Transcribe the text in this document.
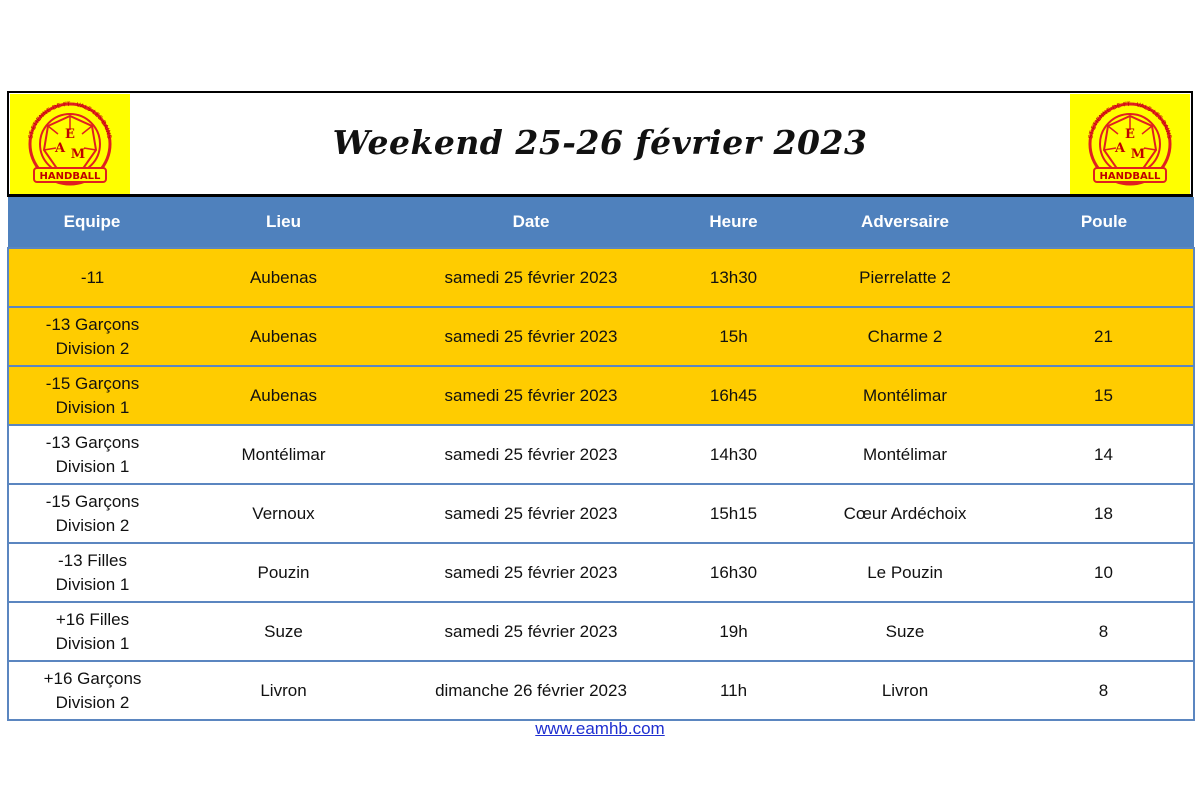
E
A M
HANDBALL
ST-ETIENNE-DE-FT · VALS-LES-BAINS	Weekend 25-26 février 2023	E
A M
HANDBALL
ST-ETIENNE-DE-FT · VALS-LES-BAINS
Equipe	Lieu	Date	Heure	Adversaire	Poule

-11	Aubenas	samedi 25 février 2023	13h30	Pierrelatte 2	

-13 Garçons
Division 2	Aubenas	samedi 25 février 2023	15h	Charme 2	21

-15 Garçons
Division 1	Aubenas	samedi 25 février 2023	16h45	Montélimar	15

-13 Garçons
Division 1	Montélimar	samedi 25 février 2023	14h30	Montélimar	14

-15 Garçons
Division 2	Vernoux	samedi 25 février 2023	15h15	Cœur Ardéchoix	18

-13 Filles
Division 1	Pouzin	samedi 25 février 2023	16h30	Le Pouzin	10

+16 Filles
Division 1	Suze	samedi 25 février 2023	19h	Suze	8

+16 Garçons
Division 2	Livron	dimanche 26 février 2023	11h	Livron	8
www.eamhb.com
